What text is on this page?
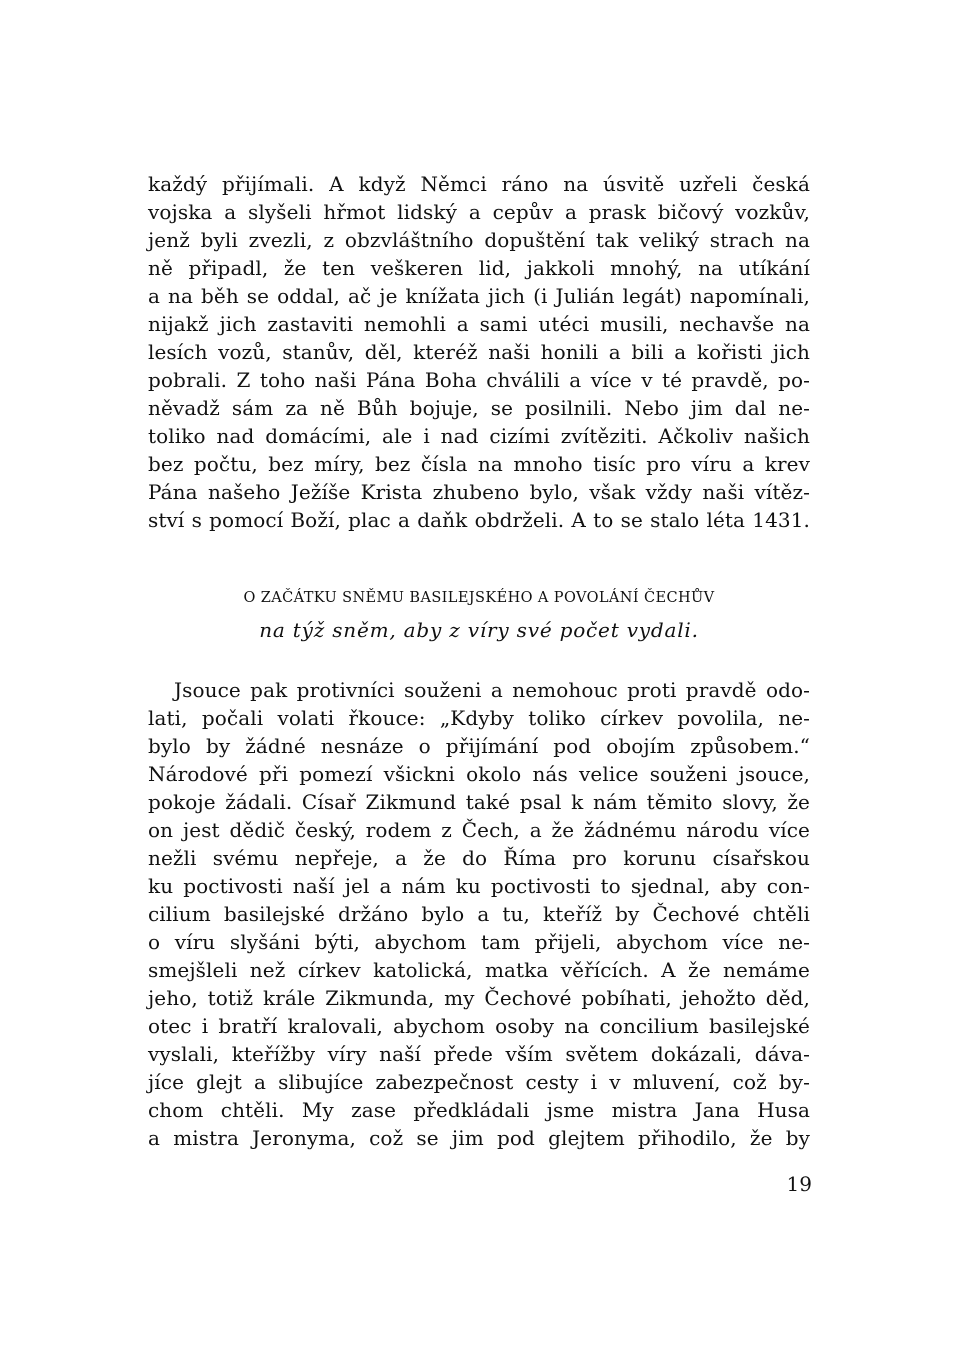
každý přijímali. A když Němci ráno na úsvitě uzřeli česká
vojska a slyšeli hřmot lidský a cepův a prask bičový vozkův,
jenž byli zvezli, z obzvláštního dopuštění tak veliký strach na
ně připadl, že ten veškeren lid, jakkoli mnohý, na utíkání
a na běh se oddal, ač je knížata jich (i Julián legát) napomínali,
nijakž jich zastaviti nemohli a sami utéci musili, nechavše na
lesích vozů, stanův, děl, kteréž naši honili a bili a kořisti jich
pobrali. Z toho naši Pána Boha chválili a více v té pravdě, po-
něvadž sám za ně Bůh bojuje, se posilnili. Nebo jim dal ne-
toliko nad domácími, ale i nad cizími zvítěziti. Ačkoliv našich
bez počtu, bez míry, bez čísla na mnoho tisíc pro víru a krev
Pána našeho Ježíše Krista zhubeno bylo, však vždy naši vítěz-
ství s pomocí Boží, plac a daňk obdrželi. A to se stalo léta 1431.
O ZAČÁTKU SNĚMU BASILEJSKÉHO A POVOLÁNÍ ČECHŮV
na týž sněm, aby z víry své počet vydali.
Jsouce pak protivníci souženi a nemohouc proti pravdě odo-
lati, počali volati řkouce: „Kdyby toliko církev povolila, ne-
bylo by žádné nesnáze o přijímání pod obojím způsobem.“
Národové při pomezí všickni okolo nás velice souženi jsouce,
pokoje žádali. Císař Zikmund také psal k nám těmito slovy, že
on jest dědič český, rodem z Čech, a že žádnému národu více
nežli svému nepřeje, a že do Říma pro korunu císařskou
ku poctivosti naší jel a nám ku poctivosti to sjednal, aby con-
cilium basilejské držáno bylo a tu, kteříž by Čechové chtěli
o víru slyšáni býti, abychom tam přijeli, abychom více ne-
smejšleli než církev katolická, matka věřících. A že nemáme
jeho, totiž krále Zikmunda, my Čechové pobíhati, jehožto děd,
otec i bratří kralovali, abychom osoby na concilium basilejské
vyslali, kteřížby víry naší přede vším světem dokázali, dáva-
jíce glejt a slibujíce zabezpečnost cesty i v mluvení, což by-
chom chtěli. My zase předkládali jsme mistra Jana Husa
a mistra Jeronyma, což se jim pod glejtem přihodilo, že by
19
